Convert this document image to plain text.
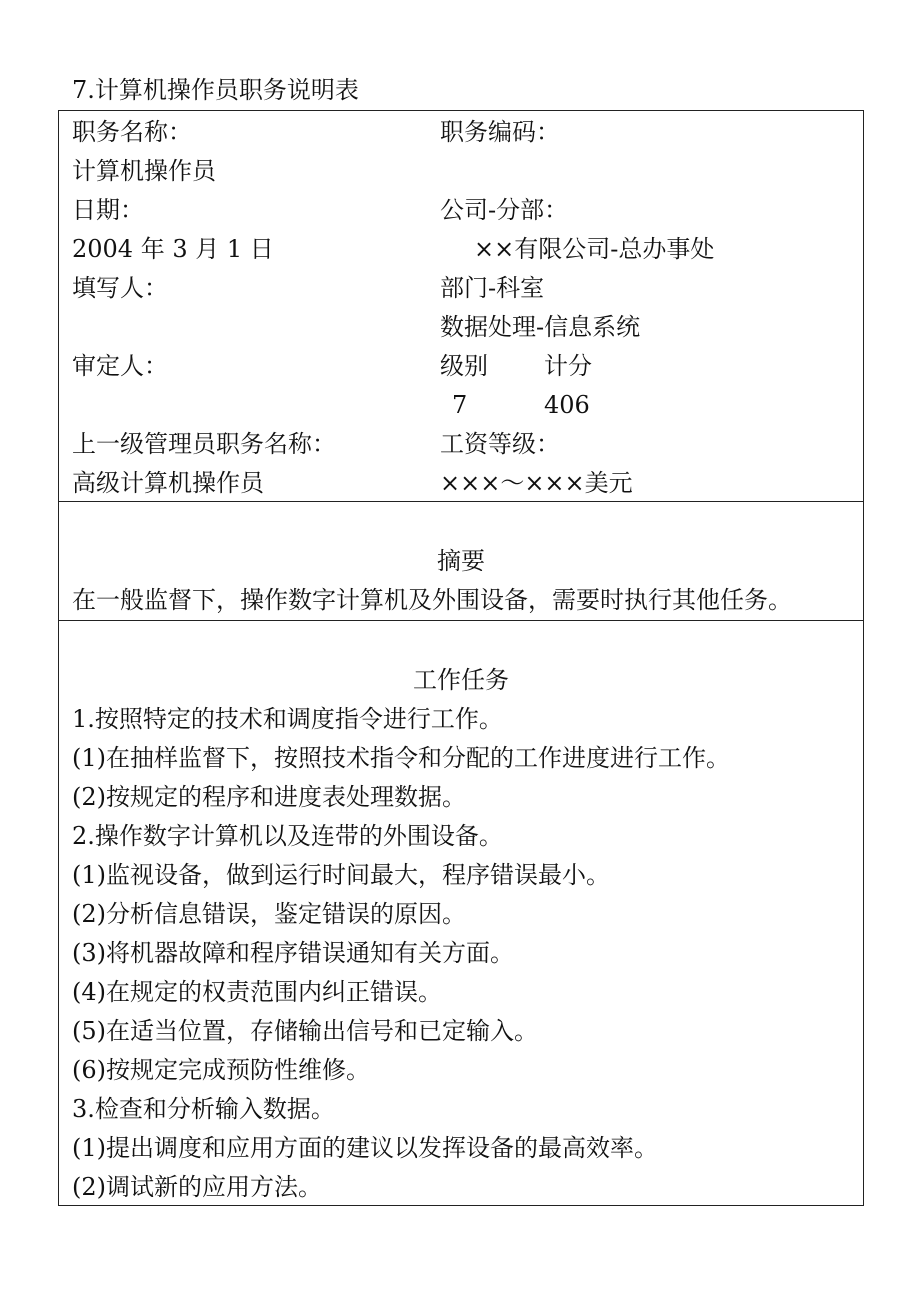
7.计算机操作员职务说明表
职务名称：
计算机操作员
日期：
2004 年 3 月 1 日
填写人：
审定人：
上一级管理员职务名称：
高级计算机操作员
职务编码：
公司-分部：
××有限公司-总办事处
部门-科室
数据处理-信息系统
级别 计分
7	406
工资等级：
×××～×××美元
摘要
在一般监督下，操作数字计算机及外围设备，需要时执行其他任务。
工作任务
1.按照特定的技术和调度指令进行工作。
(1)在抽样监督下，按照技术指令和分配的工作进度进行工作。
(2)按规定的程序和进度表处理数据。
2.操作数字计算机以及连带的外围设备。
(1)监视设备，做到运行时间最大，程序错误最小。
(2)分析信息错误，鉴定错误的原因。
(3)将机器故障和程序错误通知有关方面。
(4)在规定的权责范围内纠正错误。
(5)在适当位置，存储输出信号和已定输入。
(6)按规定完成预防性维修。
3.检查和分析输入数据。
(1)提出调度和应用方面的建议以发挥设备的最高效率。
(2)调试新的应用方法。
